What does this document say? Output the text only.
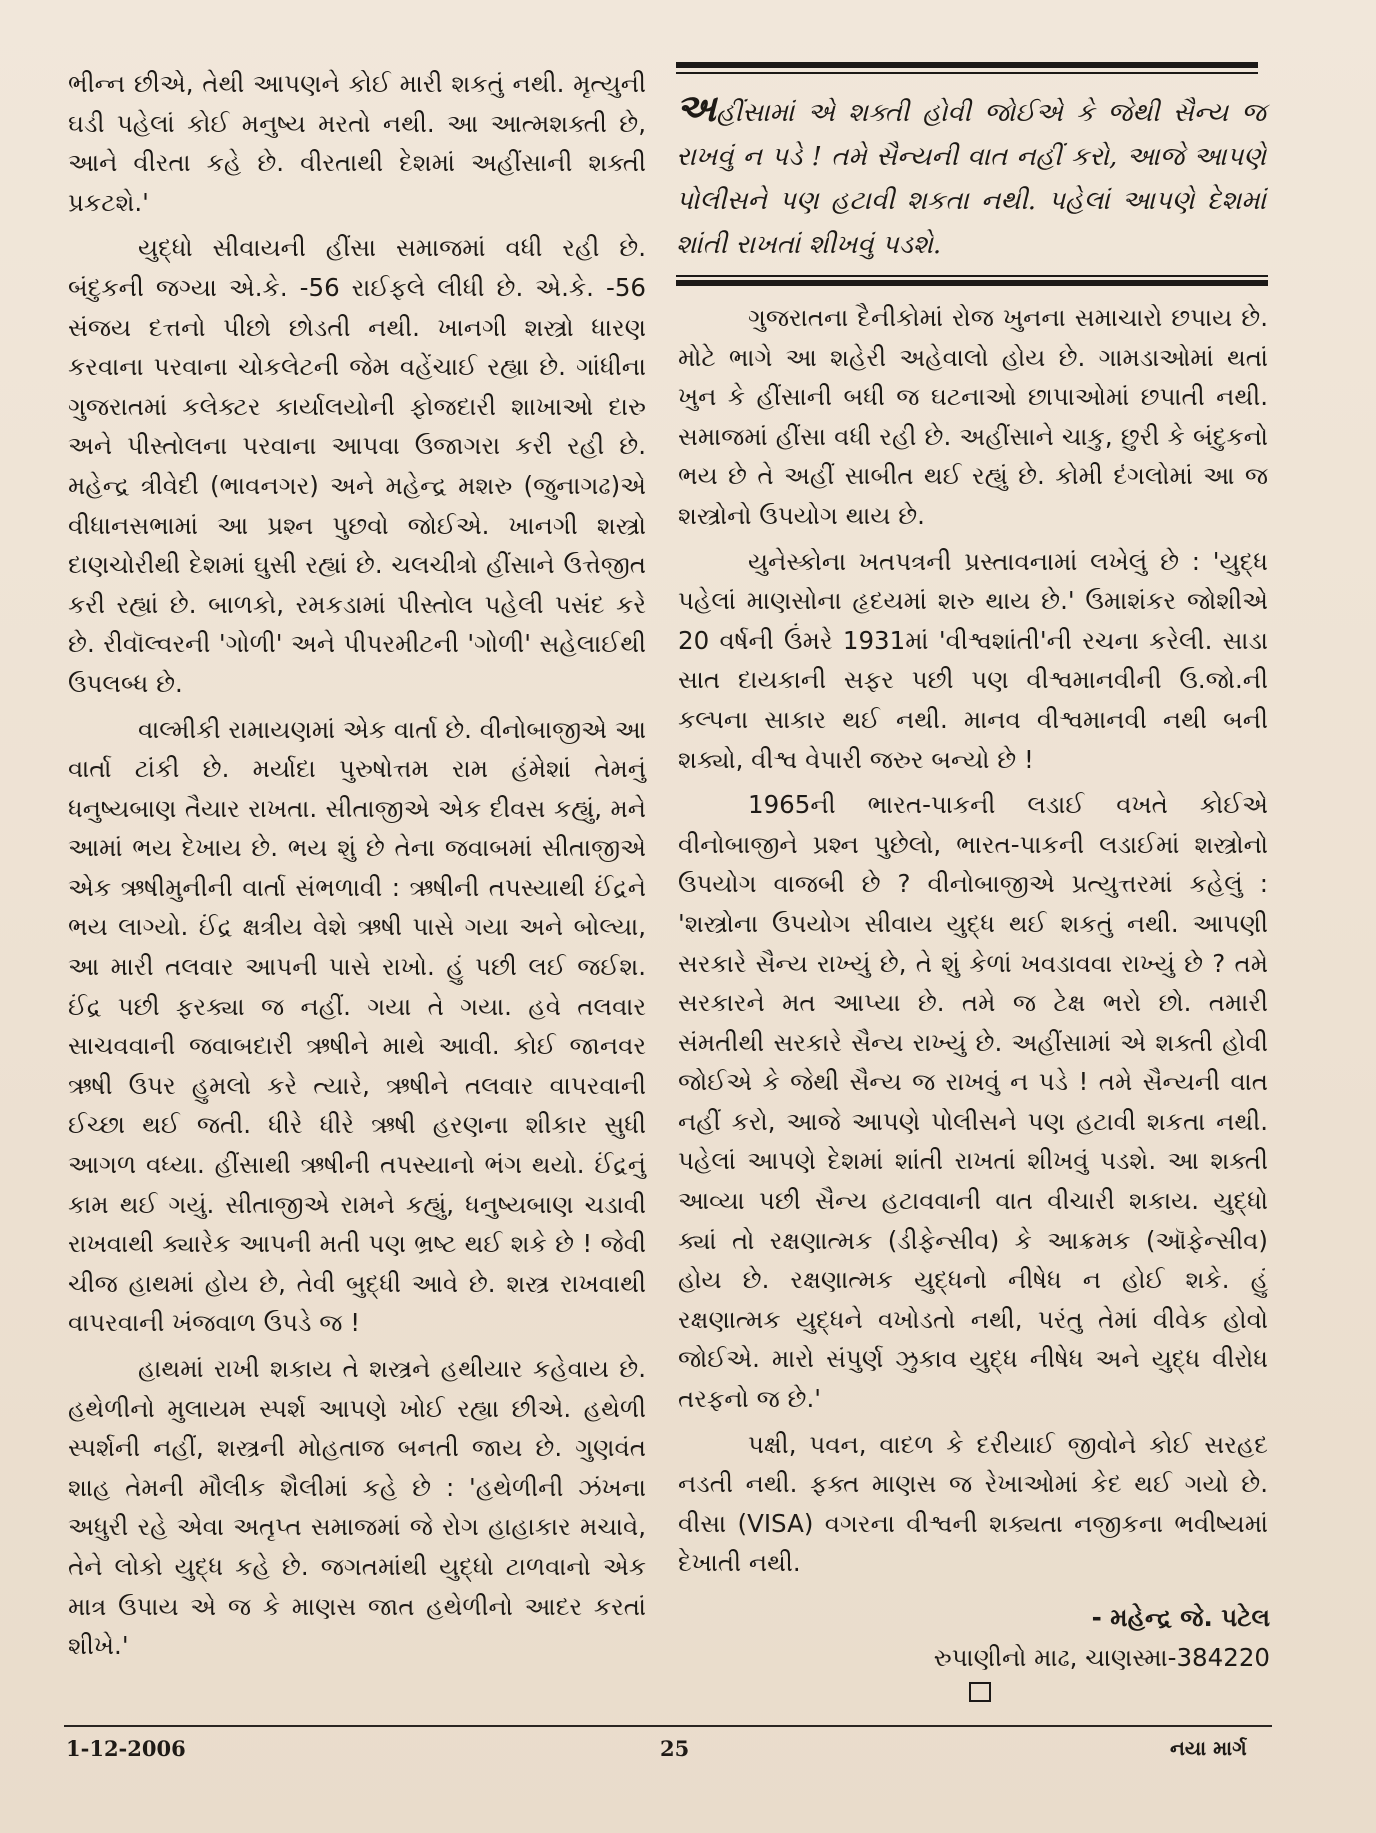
ભીન્ન છીએ, તેથી આપણને કોઈ મારી શકતું નથી. મૃત્યુની ઘડી પહેલાં કોઈ મનુષ્ય મરતો નથી. આ આત્મશક્તી છે, આને વીરતા કહે છે. વીરતાથી દેશમાં અહીંસાની શક્તી પ્રકટશે.'

યુદ્ધો સીવાયની હીંસા સમાજમાં વધી રહી છે. બંદુકની જગ્યા એ.કે. -56 રાઈફલે લીધી છે. એ.કે. -56 સંજય દત્તનો પીછો છોડતી નથી. ખાનગી શસ્ત્રો ધારણ કરવાના પરવાના ચોકલેટની જેમ વહેંચાઈ રહ્યા છે. ગાંધીના ગુજરાતમાં કલેક્ટર કાર્યાલયોની ફોજદારી શાખાઓ દારુ અને પીસ્તોલના પરવાના આપવા ઉજાગરા કરી રહી છે. મહેન્દ્ર ત્રીવેદી (ભાવનગર) અને મહેન્દ્ર મશરુ (જુનાગઢ)એ વીધાનસભામાં આ પ્રશ્ન પુછવો જોઈએ. ખાનગી શસ્ત્રો દાણચોરીથી દેશમાં ઘુસી રહ્યાં છે. ચલચીત્રો હીંસાને ઉત્તેજીત કરી રહ્યાં છે. બાળકો, રમકડામાં પીસ્તોલ પહેલી પસંદ કરે છે. રીવૉલ્વરની 'ગોળી' અને પીપરમીટની 'ગોળી' સહેલાઈથી ઉપલબ્ધ છે.

વાલ્મીકી રામાયણમાં એક વાર્તા છે. વીનોબાજીએ આ વાર્તા ટાંકી છે. મર્યાદા પુરુષોત્તમ રામ હંમેશાં તેમનું ધનુષ્યબાણ તૈયાર રાખતા. સીતાજીએ એક દીવસ કહ્યું, મને આમાં ભય દેખાય છે. ભય શું છે તેના જવાબમાં સીતાજીએ એક ઋષીમુનીની વાર્તા સંભળાવી : ઋષીની તપસ્યાથી ઈંદ્રને ભય લાગ્યો. ઈંદ્ર ક્ષત્રીય વેશે ઋષી પાસે ગયા અને બોલ્યા, આ મારી તલવાર આપની પાસે રાખો. હું પછી લઈ જઈશ. ઈંદ્ર પછી ફરક્યા જ નહીં. ગયા તે ગયા. હવે તલવાર સાચવવાની જવાબદારી ઋષીને માથે આવી. કોઈ જાનવર ઋષી ઉપર હુમલો કરે ત્યારે, ઋષીને તલવાર વાપરવાની ઈચ્છા થઈ જતી. ધીરે ધીરે ઋષી હરણના શીકાર સુધી આગળ વધ્યા. હીંસાથી ઋષીની તપસ્યાનો ભંગ થયો. ઈંદ્રનું કામ થઈ ગયું. સીતાજીએ રામને કહ્યું, ધનુષ્યબાણ ચડાવી રાખવાથી ક્યારેક આપની મતી પણ ભ્રષ્ટ થઈ શકે છે ! જેવી ચીજ હાથમાં હોય છે, તેવી બુદ્ધી આવે છે. શસ્ત્ર રાખવાથી વાપરવાની ખંજવાળ ઉપડે જ !

હાથમાં રાખી શકાય તે શસ્ત્રને હથીયાર કહેવાય છે. હથેળીનો મુલાયમ સ્પર્શ આપણે ખોઈ રહ્યા છીએ. હથેળી સ્પર્શની નહીં, શસ્ત્રની મોહતાજ બનતી જાય છે. ગુણવંત શાહ તેમની મૌલીક શૈલીમાં કહે છે : 'હથેળીની ઝંખના અધુરી રહે એવા અતૃપ્ત સમાજમાં જે રોગ હાહાકાર મચાવે, તેને લોકો યુદ્ધ કહે છે. જગતમાંથી યુદ્ધો ટાળવાનો એક માત્ર ઉપાય એ જ કે માણસ જાત હથેળીનો આદર કરતાં શીખે.'

અહીંસામાં એ શક્તી હોવી જોઈએ કે જેથી સૈન્ય જ રાખવું ન પડે ! તમે સૈન્યની વાત નહીં કરો, આજે આપણે પોલીસને પણ હટાવી શકતા નથી. પહેલાં આપણે દેશમાં શાંતી રાખતાં શીખવું પડશે.

ગુજરાતના દૈનીકોમાં રોજ ખુનના સમાચારો છપાય છે. મોટે ભાગે આ શહેરી અહેવાલો હોય છે. ગામડાઓમાં થતાં ખુન કે હીંસાની બધી જ ઘટનાઓ છાપાઓમાં છપાતી નથી. સમાજમાં હીંસા વધી રહી છે. અહીંસાને ચાકુ, છુરી કે બંદુકનો ભય છે તે અહીં સાબીત થઈ રહ્યું છે. કોમી દંગલોમાં આ જ શસ્ત્રોનો ઉપયોગ થાય છે.

યુનેસ્કોના ખતપત્રની પ્રસ્તાવનામાં લખેલું છે : 'યુદ્ધ પહેલાં માણસોના હૃદયમાં શરુ થાય છે.' ઉમાશંકર જોશીએ 20 વર્ષની ઉંમરે 1931માં 'વીશ્વશાંતી'ની રચના કરેલી. સાડા સાત દાયકાની સફર પછી પણ વીશ્વમાનવીની ઉ.જો.ની કલ્પના સાકાર થઈ નથી. માનવ વીશ્વમાનવી નથી બની શક્યો, વીશ્વ વેપારી જરુર બન્યો છે !

1965ની ભારત-પાકની લડાઈ વખતે કોઈએ વીનોબાજીને પ્રશ્ન પુછેલો, ભારત-પાકની લડાઈમાં શસ્ત્રોનો ઉપયોગ વાજબી છે ? વીનોબાજીએ પ્રત્યુત્તરમાં કહેલું : 'શસ્ત્રોના ઉપયોગ સીવાય યુદ્ધ થઈ શકતું નથી. આપણી સરકારે સૈન્ય રાખ્યું છે, તે શું કેળાં ખવડાવવા રાખ્યું છે ? તમે સરકારને મત આપ્યા છે. તમે જ ટેક્ષ ભરો છો. તમારી સંમતીથી સરકારે સૈન્ય રાખ્યું છે. અહીંસામાં એ શક્તી હોવી જોઈએ કે જેથી સૈન્ય જ રાખવું ન પડે ! તમે સૈન્યની વાત નહીં કરો, આજે આપણે પોલીસને પણ હટાવી શકતા નથી. પહેલાં આપણે દેશમાં શાંતી રાખતાં શીખવું પડશે. આ શક્તી આવ્યા પછી સૈન્ય હટાવવાની વાત વીચારી શકાય. યુદ્ધો ક્યાં તો રક્ષણાત્મક (ડીફેન્સીવ) કે આક્રમક (ઑફેન્સીવ) હોય છે. રક્ષણાત્મક યુદ્ધનો નીષેધ ન હોઈ શકે. હું રક્ષણાત્મક યુદ્ધને વખોડતો નથી, પરંતુ તેમાં વીવેક હોવો જોઈએ. મારો સંપુર્ણ ઝુકાવ યુદ્ધ નીષેધ અને યુદ્ધ વીરોધ તરફનો જ છે.'

પક્ષી, પવન, વાદળ કે દરીયાઈ જીવોને કોઈ સરહદ નડતી નથી. ફક્ત માણસ જ રેખાઓમાં કેદ થઈ ગયો છે. વીસા (VISA) વગરના વીશ્વની શક્યતા નજીકના ભવીષ્યમાં દેખાતી નથી.

- મહેન્દ્ર જે. પટેલ
રુપાણીનો માઢ, ચાણસ્મા-384220
1-12-2006	25	નયા માર્ગ
